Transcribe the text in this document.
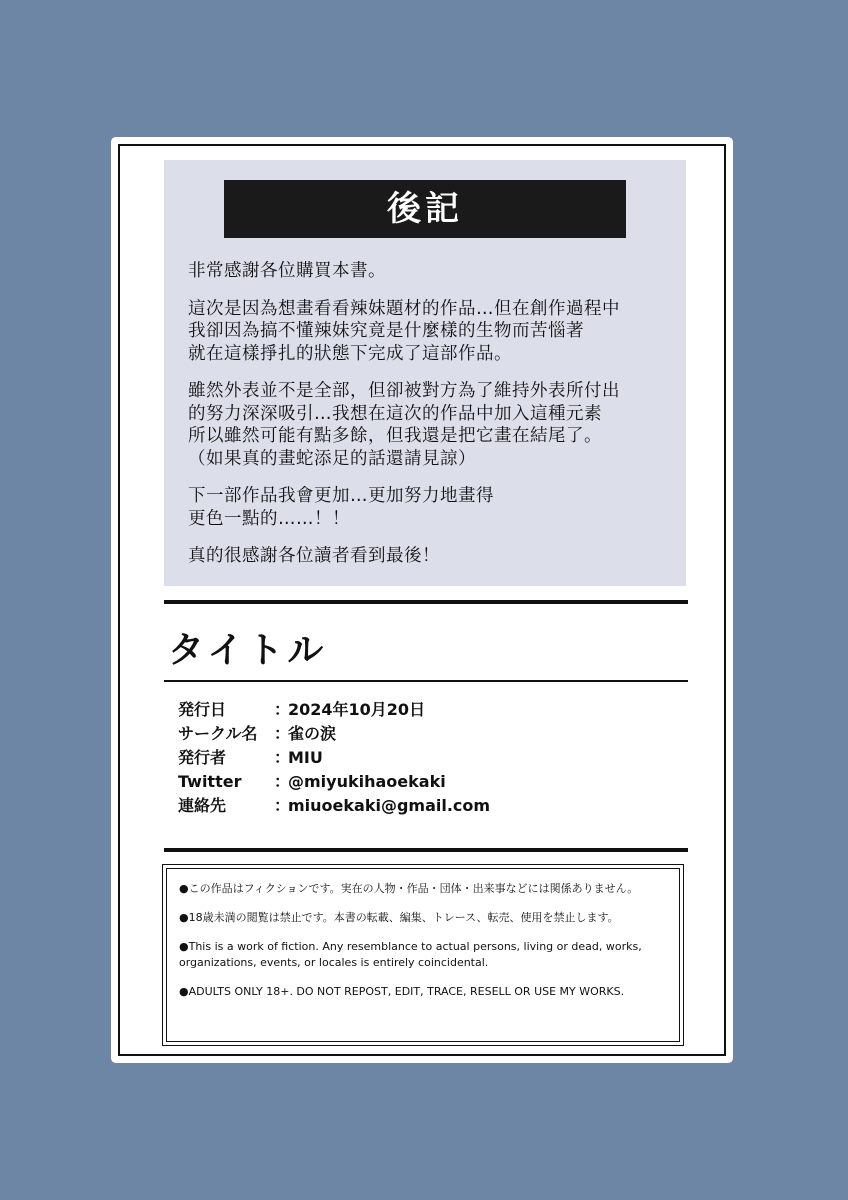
後記
非常感謝各位購買本書。
這次是因為想畫看看辣妹題材的作品…但在創作過程中
我卻因為搞不懂辣妹究竟是什麼樣的生物而苦惱著
就在這樣掙扎的狀態下完成了這部作品。
雖然外表並不是全部，但卻被對方為了維持外表所付出
的努力深深吸引…我想在這次的作品中加入這種元素
所以雖然可能有點多餘，但我還是把它畫在結尾了。
（如果真的畫蛇添足的話還請見諒）
下一部作品我會更加…更加努力地畫得
更色一點的……！！
真的很感謝各位讀者看到最後！
タイトル
発行日	：2024年10月20日
サークル名 ：雀の涙
発行者	：MIU
Twitter ：@miyukihaoekaki
連絡先	：miuoekaki@gmail.com
●この作品はフィクションです。実在の人物・作品・団体・出来事などには関係ありません。
●18歳未満の閲覧は禁止です。本書の転載、編集、トレース、転売、使用を禁止します。
●This is a work of fiction. Any resemblance to actual persons, living or dead, works,
organizations, events, or locales is entirely coincidental.
●ADULTS ONLY 18+. DO NOT REPOST, EDIT, TRACE, RESELL OR USE MY WORKS.
